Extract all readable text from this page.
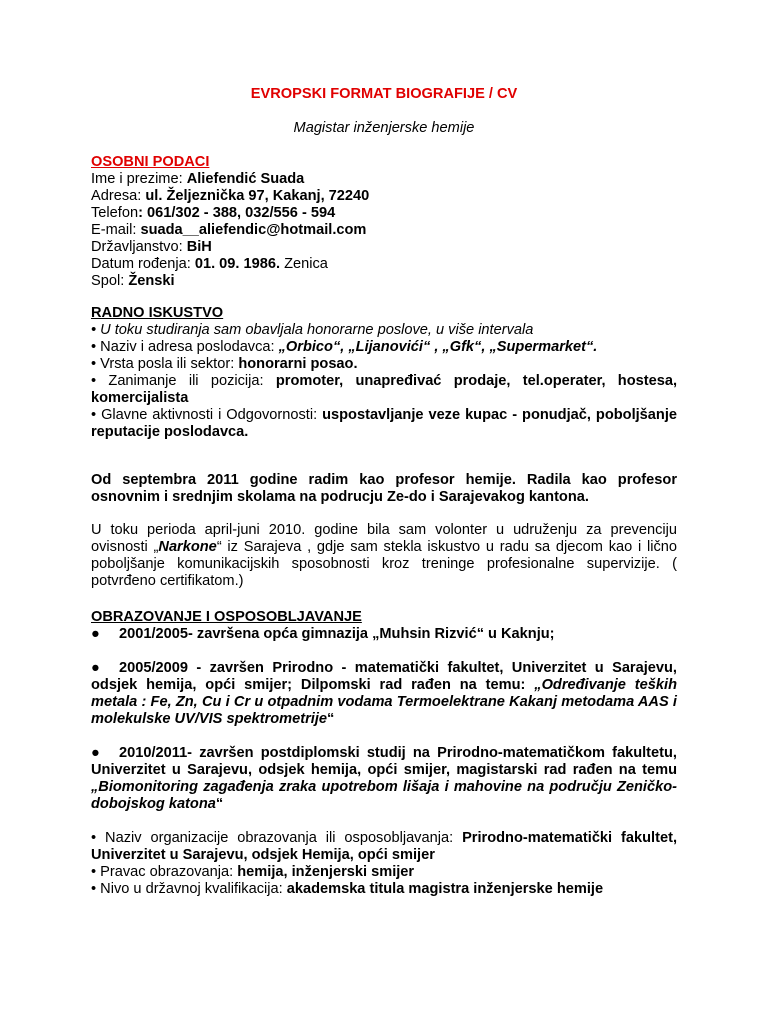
EVROPSKI FORMAT BIOGRAFIJE / CV
Magistar inženjerske hemije
OSOBNI PODACI
Ime i prezime: Aliefendić Suada
Adresa: ul. Željeznička 97, Kakanj, 72240
Telefon: 061/302 - 388, 032/556 - 594
E-mail: suada__aliefendic@hotmail.com
Državljanstvo: BiH
Datum rođenja: 01. 09. 1986. Zenica
Spol: Ženski
RADNO ISKUSTVO
• U toku studiranja sam obavljala honorarne poslove, u više intervala
• Naziv i adresa poslodavca: „Orbico“, „Lijanovići“ , „Gfk“, „Supermarket“.
• Vrsta posla ili sektor: honorarni posao.
• Zanimanje ili pozicija: promoter, unapređivać prodaje, tel.operater, hostesa, komercijalista
• Glavne aktivnosti i Odgovornosti: uspostavljanje veze kupac - ponudjač, poboljšanje reputacije poslodavca.
Od septembra 2011 godine radim kao profesor hemije. Radila kao profesor osnovnim i srednjim skolama na podrucju Ze-do i Sarajevakog kantona.
U toku perioda april-juni 2010. godine bila sam volonter u udruženju za prevenciju ovisnosti „Narkone“ iz Sarajeva , gdje sam stekla iskustvo u radu sa djecom kao i lično poboljšanje komunikacijskih sposobnosti kroz treninge profesionalne supervizije. ( potvrđeno certifikatom.)
OBRAZOVANJE I OSPOSOBLJAVANJE
● 2001/2005- završena opća gimnazija „Muhsin Rizvić“ u Kaknju;
● 2005/2009 - završen Prirodno - matematički fakultet, Univerzitet u Sarajevu, odsjek hemija, opći smijer; Dilpomski rad rađen na temu: „Određivanje teških metala : Fe, Zn, Cu i Cr u otpadnim vodama Termoelektrane Kakanj metodama AAS i molekulske UV/VIS spektrometrije“
● 2010/2011- završen postdiplomski studij na Prirodno-matematičkom fakultetu, Univerzitet u Sarajevu, odsjek hemija, opći smijer, magistarski rad rađen na temu „Biomonitoring zagađenja zraka upotrebom lišaja i mahovine na području Zeničko-dobojskog katona“
• Naziv organizacije obrazovanja ili osposobljavanja: Prirodno-matematički fakultet, Univerzitet u Sarajevu, odsjek Hemija, opći smijer
• Pravac obrazovanja: hemija, inženjerski smijer
• Nivo u državnoj kvalifikacija: akademska titula magistra inženjerske hemije
